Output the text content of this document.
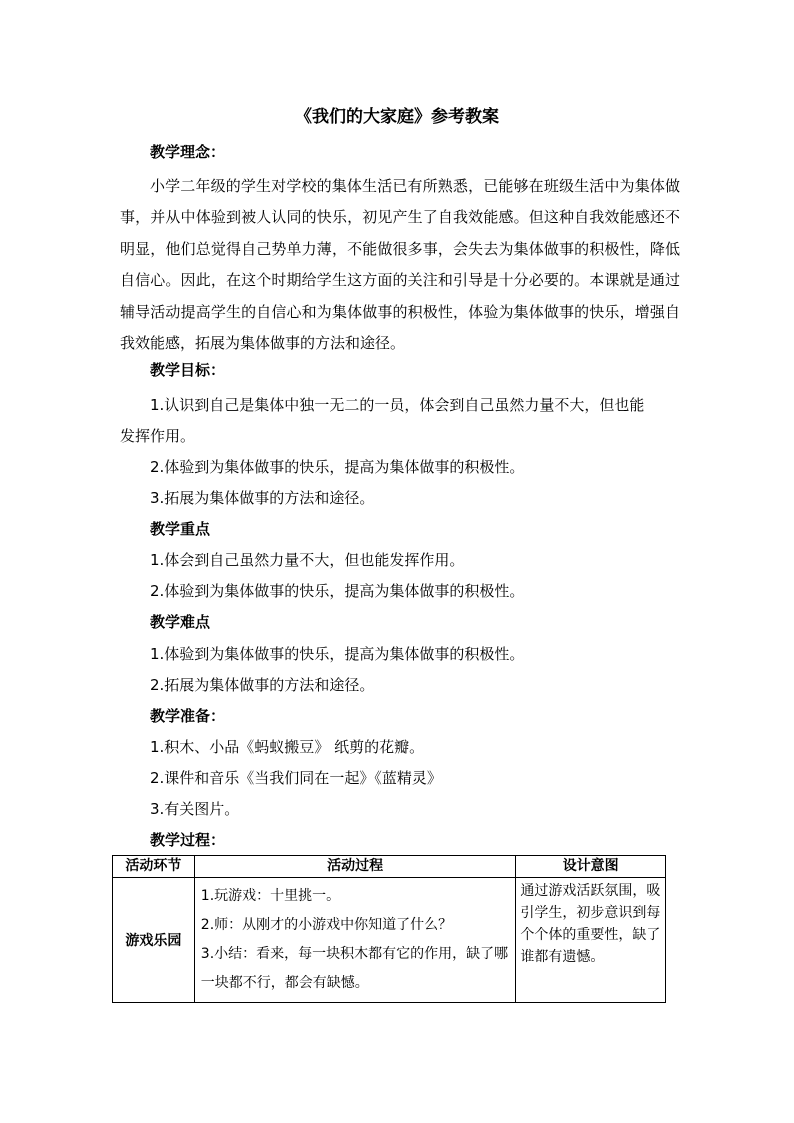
《我们的大家庭》参考教案
教学理念：

小学二年级的学生对学校的集体生活已有所熟悉，已能够在班级生活中为集体做事，并从中体验到被人认同的快乐，初见产生了自我效能感。但这种自我效能感还不明显，他们总觉得自己势单力薄，不能做很多事，会失去为集体做事的积极性，降低自信心。因此，在这个时期给学生这方面的关注和引导是十分必要的。本课就是通过辅导活动提高学生的自信心和为集体做事的积极性，体验为集体做事的快乐，增强自我效能感，拓展为集体做事的方法和途径。

教学目标：
1.认识到自己是集体中独一无二的一员，体会到自己虽然力量不大，但也能
发挥作用。
2.体验到为集体做事的快乐，提高为集体做事的积极性。
3.拓展为集体做事的方法和途径。
教学重点
1.体会到自己虽然力量不大，但也能发挥作用。
2.体验到为集体做事的快乐，提高为集体做事的积极性。
教学难点
1.体验到为集体做事的快乐，提高为集体做事的积极性。
2.拓展为集体做事的方法和途径。
教学准备：
1.积木、小品《蚂蚁搬豆》 纸剪的花瓣。
2.课件和音乐《当我们同在一起》《蓝精灵》
3.有关图片。
教学过程：
活动环节	活动过程	设计意图
游戏乐园	1.玩游戏：十里挑一。
2.师：从刚才的小游戏中你知道了什么？
3.小结：看来，每一块积木都有它的作用，缺了哪一块都不行，都会有缺憾。	通过游戏活跃氛围，吸引学生，初步意识到每个个体的重要性，缺了谁都有遗憾。
